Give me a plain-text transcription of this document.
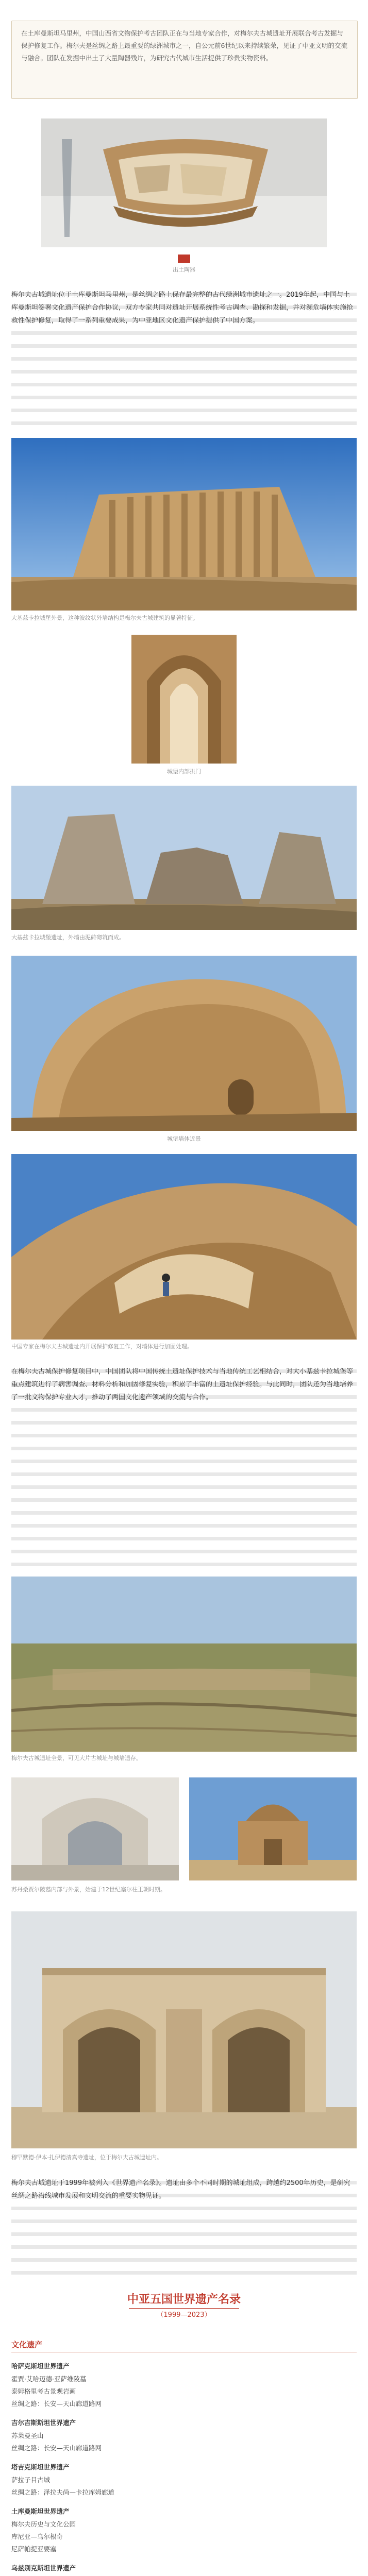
在土库曼斯坦马里州，中国山西省文物保护考古团队正在与当地专家合作，对梅尔夫古城遗址开展联合考古发掘与保护修复工作。梅尔夫是丝绸之路上最重要的绿洲城市之一，自公元前6世纪以来持续繁荣，见证了中亚文明的交流与融合。团队在发掘中出土了大量陶器残片，为研究古代城市生活提供了珍贵实物资料。

出土陶器

梅尔夫古城遗址位于土库曼斯坦马里州，是丝绸之路上保存最完整的古代绿洲城市遗址之一。2019年起，中国与土库曼斯坦签署文化遗产保护合作协议，双方专家共同对遗址开展系统性考古调查、勘探和发掘，并对濒危墙体实施抢救性保护修复，取得了一系列重要成果，为中亚地区文化遗产保护提供了中国方案。

大基兹卡拉城堡外景，这种波纹状外墙结构是梅尔夫古城建筑的显著特征。

城堡内部拱门

大基兹卡拉城堡遗址，外墙由泥砖砌筑而成。

城堡墙体近景

中国专家在梅尔夫古城遗址内开展保护修复工作，对墙体进行加固处理。

在梅尔夫古城保护修复项目中，中国团队将中国传统土遗址保护技术与当地传统工艺相结合，对大小基兹卡拉城堡等重点建筑进行了病害调查、材料分析和加固修复实验，积累了丰富的土遗址保护经验。与此同时，团队还为当地培养了一批文物保护专业人才，推动了两国文化遗产领域的交流与合作。

梅尔夫古城遗址全景，可见大片古城址与城墙遗存。

苏丹桑贾尔陵墓内部与外景，始建于12世纪塞尔柱王朝时期。

穆罕默德·伊本·扎伊德清真寺遗址，位于梅尔夫古城遗址内。

梅尔夫古城遗址于1999年被列入《世界遗产名录》。遗址由多个不同时期的城址组成，跨越约2500年历史，是研究丝绸之路沿线城市发展和文明交流的重要实物见证。

中亚五国世界遗产名录

（1999—2023）

文化遗产

哈萨克斯坦世界遗产

霍贾·艾哈迈德·亚萨维陵墓

泰姆格里考古景观岩画

丝绸之路：长安—天山廊道路网

吉尔吉斯斯坦世界遗产

苏莱曼圣山

丝绸之路：长安—天山廊道路网

塔吉克斯坦世界遗产

萨拉子目古城

丝绸之路：泽拉夫尚—卡拉库姆廊道

土库曼斯坦世界遗产

梅尔夫历史与文化公园

库尼亚—乌尔根奇

尼萨帕提亚要塞

乌兹别克斯坦世界遗产
